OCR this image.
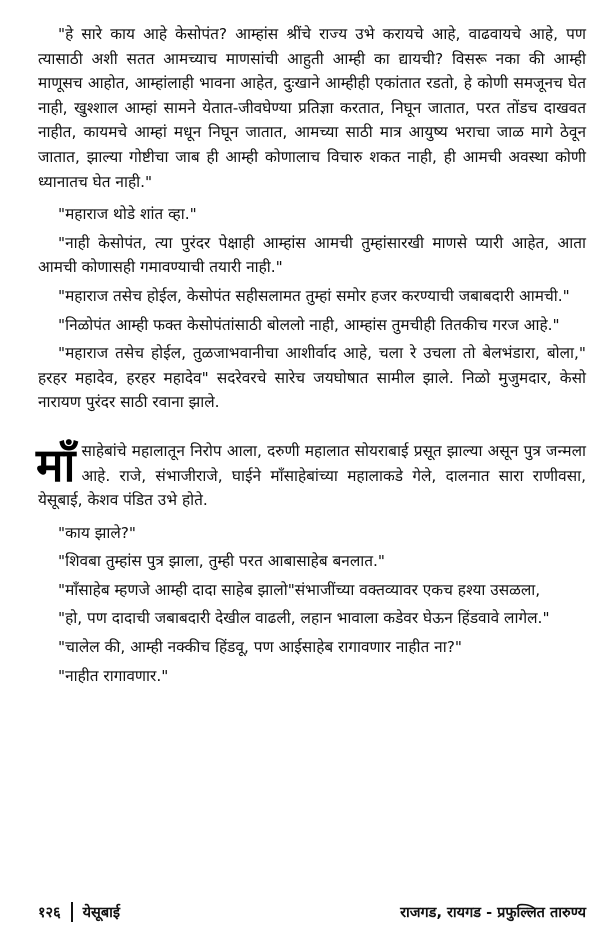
"हे सारे काय आहे केसोपंत? आम्हांस श्रींचे राज्य उभे करायचे आहे, वाढवायचे आहे, पण त्यासाठी अशी सतत आमच्याच माणसांची आहुती आम्ही का द्यायची? विसरू नका की आम्ही माणूसच आहोत, आम्हांलाही भावना आहेत, दुःखाने आम्हीही एकांतात रडतो, हे कोणी समजूनच घेत नाही, खुश्शाल आम्हां सामने येतात-जीवघेण्या प्रतिज्ञा करतात, निघून जातात, परत तोंडच दाखवत नाहीत, कायमचे आम्हां मधून निघून जातात, आमच्या साठी मात्र आयुष्य भराचा जाळ मागे ठेवून जातात, झाल्या गोष्टीचा जाब ही आम्ही कोणालाच विचारु शकत नाही, ही आमची अवस्था कोणी ध्यानातच घेत नाही."

"महाराज थोडे शांत व्हा."

"नाही केसोपंत, त्या पुरंदर पेक्षाही आम्हांस आमची तुम्हांसारखी माणसे प्यारी आहेत, आता आमची कोणासही गमावण्याची तयारी नाही."

"महाराज तसेच होईल, केसोपंत सहीसलामत तुम्हां समोर हजर करण्याची जबाबदारी आमची."

"निळोपंत आम्ही फक्त केसोपंतांसाठी बोललो नाही, आम्हांस तुमचीही तितकीच गरज आहे."

"महाराज तसेच होईल, तुळजाभवानीचा आशीर्वाद आहे, चला रे उचला तो बेलभंडारा, बोला," हरहर महादेव, हरहर महादेव" सदरेवरचे सारेच जयघोषात सामील झाले. निळो मुजुमदार, केसो नारायण पुरंदर साठी रवाना झाले.

माँसाहेबांचे महालातून निरोप आला, दरुणी महालात सोयराबाई प्रसूत झाल्या असून पुत्र जन्मला आहे. राजे, संभाजीराजे, घाईने माँसाहेबांच्या महालाकडे गेले, दालनात सारा राणीवसा, येसूबाई, केशव पंडित उभे होते.

"काय झाले?"

"शिवबा तुम्हांस पुत्र झाला, तुम्ही परत आबासाहेब बनलात."

"माँसाहेब म्हणजे आम्ही दादा साहेब झालो"संभाजींच्या वक्तव्यावर एकच हश्या उसळला,

"हो, पण दादाची जबाबदारी देखील वाढली, लहान भावाला कडेवर घेऊन हिंडवावे लागेल."

"चालेल की, आम्ही नक्कीच हिंडवू, पण आईसाहेब रागावणार नाहीत ना?"

"नाहीत रागावणार."

१२६ येसूबाई	राजगड, रायगड - प्रफुल्लित तारुण्य
